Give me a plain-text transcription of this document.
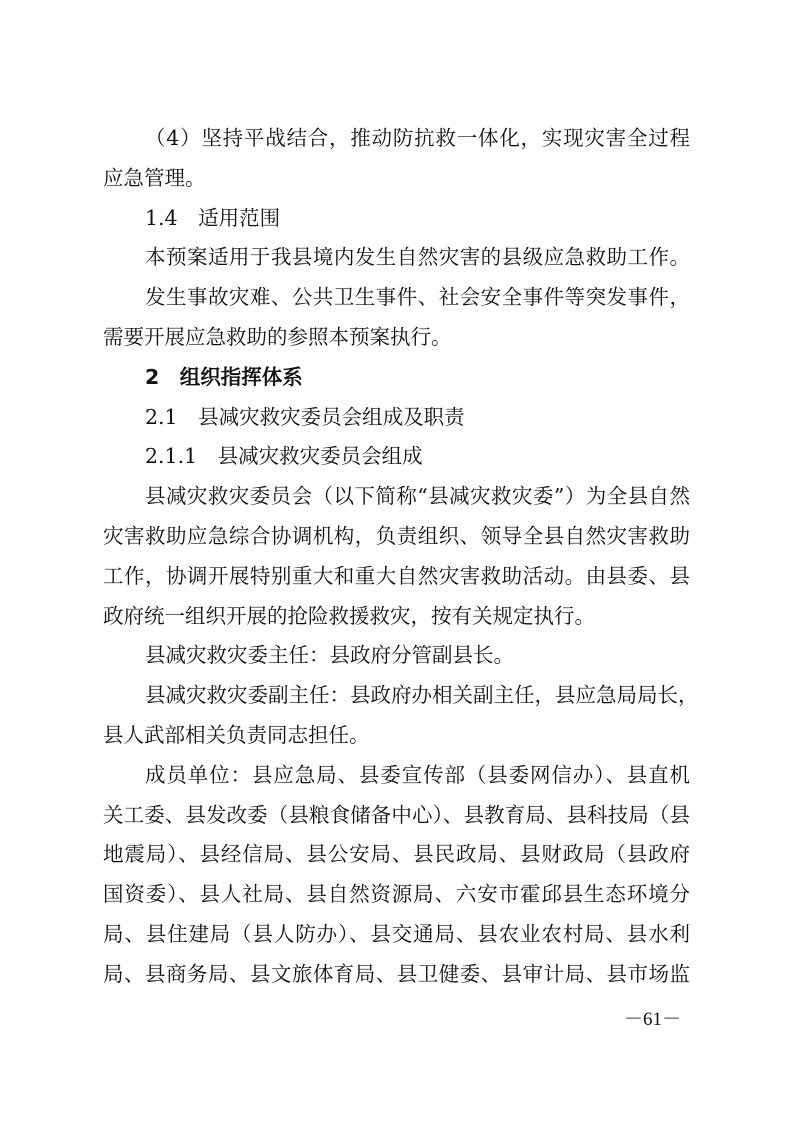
（4）坚持平战结合，推动防抗救一体化，实现灾害全过程
应急管理。
1.4　适用范围
本预案适用于我县境内发生自然灾害的县级应急救助工作。
发生事故灾难、公共卫生事件、社会安全事件等突发事件，
需要开展应急救助的参照本预案执行。
2　组织指挥体系
2.1　县减灾救灾委员会组成及职责
2.1.1　县减灾救灾委员会组成
县减灾救灾委员会（以下简称“县减灾救灾委”）为全县自然
灾害救助应急综合协调机构，负责组织、领导全县自然灾害救助
工作，协调开展特别重大和重大自然灾害救助活动。由县委、县
政府统一组织开展的抢险救援救灾，按有关规定执行。
县减灾救灾委主任：县政府分管副县长。
县减灾救灾委副主任：县政府办相关副主任，县应急局局长，
县人武部相关负责同志担任。
成员单位：县应急局、县委宣传部（县委网信办）、县直机
关工委、县发改委（县粮食储备中心）、县教育局、县科技局（县
地震局）、县经信局、县公安局、县民政局、县财政局（县政府
国资委）、县人社局、县自然资源局、六安市霍邱县生态环境分
局、县住建局（县人防办）、县交通局、县农业农村局、县水利
局、县商务局、县文旅体育局、县卫健委、县审计局、县市场监
－61－
